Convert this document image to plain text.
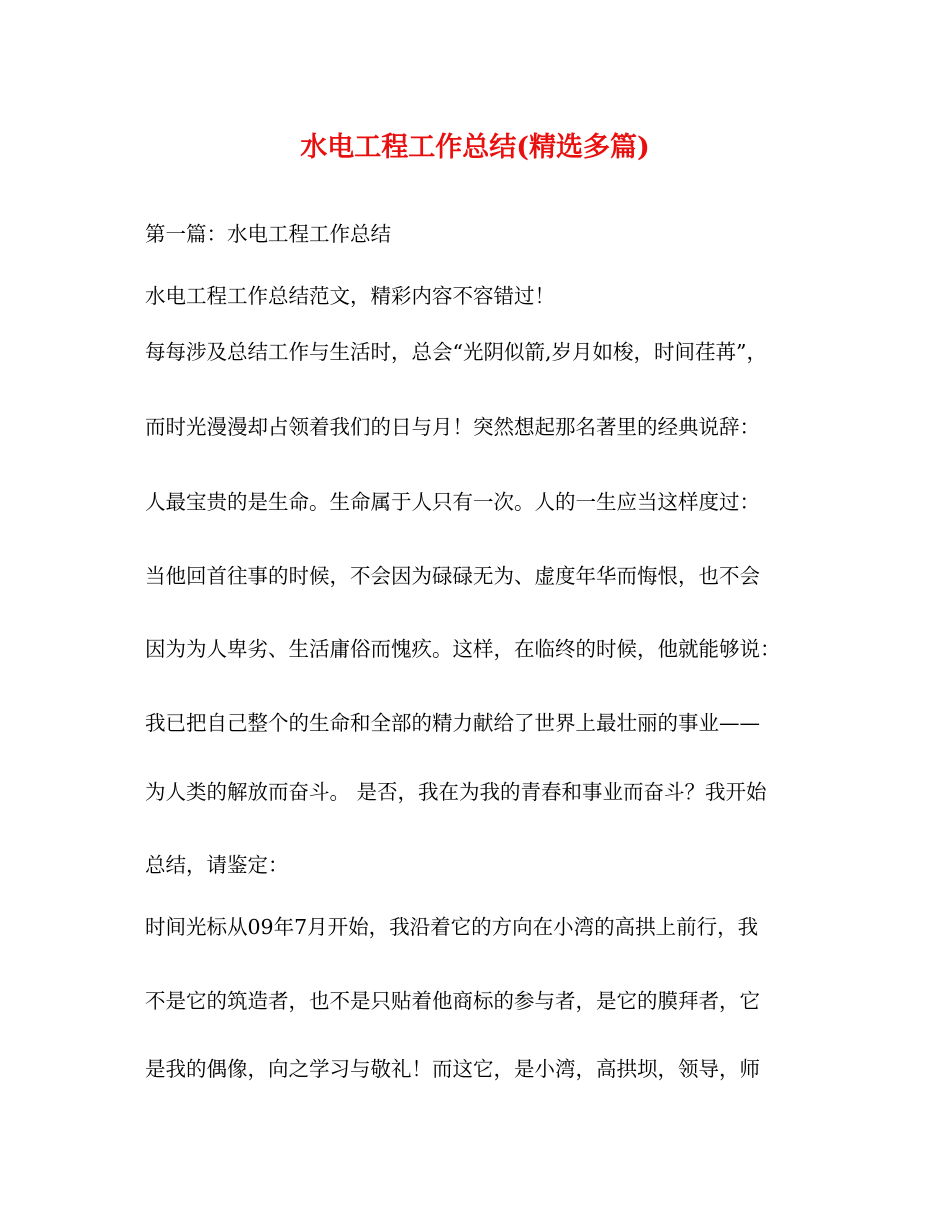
水电工程工作总结(精选多篇)
第一篇：水电工程工作总结
水电工程工作总结范文，精彩内容不容错过！
每每涉及总结工作与生活时，总会“光阴似箭,岁月如梭，时间荏苒”，
而时光漫漫却占领着我们的日与月！突然想起那名著里的经典说辞：
人最宝贵的是生命。生命属于人只有一次。人的一生应当这样度过：
当他回首往事的时候，不会因为碌碌无为、虚度年华而悔恨，也不会
因为为人卑劣、生活庸俗而愧疚。这样，在临终的时候，他就能够说：
我已把自己整个的生命和全部的精力献给了世界上最壮丽的事业——
为人类的解放而奋斗。 是否，我在为我的青春和事业而奋斗？我开始
总结，请鉴定：
时间光标从09年7月开始，我沿着它的方向在小湾的高拱上前行，我
不是它的筑造者，也不是只贴着他商标的参与者，是它的膜拜者，它
是我的偶像，向之学习与敬礼！而这它，是小湾，高拱坝，领导，师
